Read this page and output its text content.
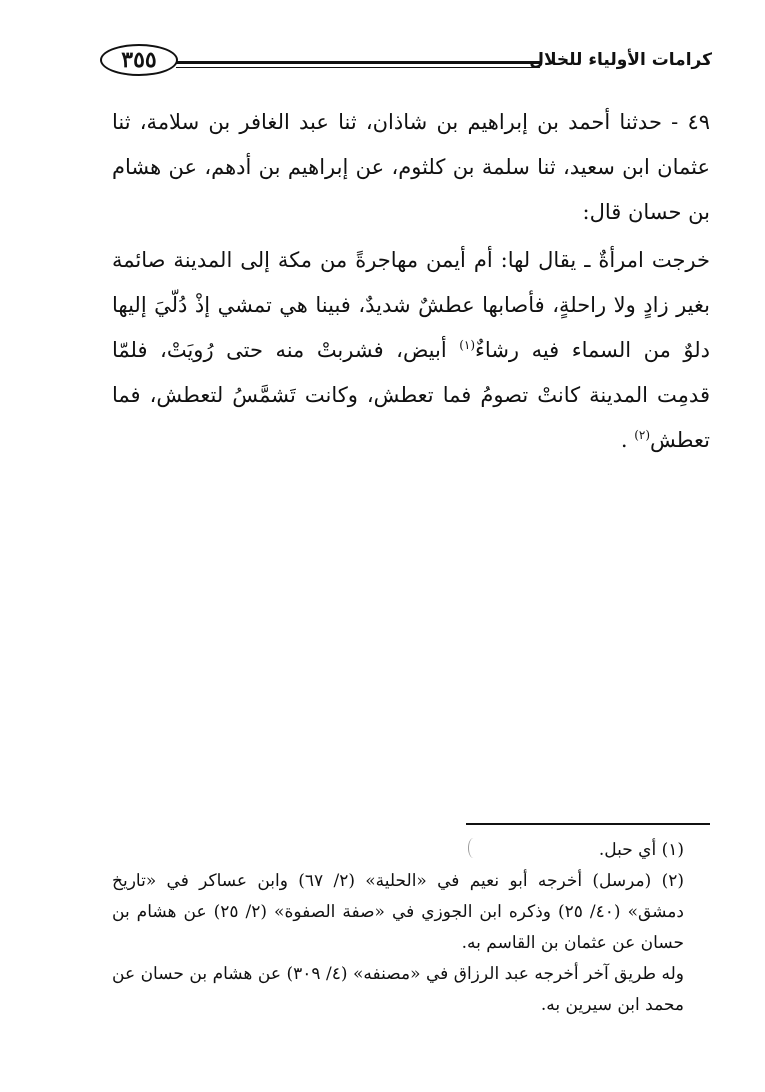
٣٥٥	كرامات الأولياء للخلال

٤٩ - حدثنا أحمد بن إبراهيم بن شاذان، ثنا عبد الغافر بن سلامة، ثنا عثمان ابن سعيد، ثنا سلمة بن كلثوم، عن إبراهيم بن أدهم، عن هشام بن حسان قال:

خرجت امرأةٌ ـ يقال لها: أم أيمن مهاجرةً من مكة إلى المدينة صائمة بغير زادٍ ولا راحلةٍ، فأصابها عطشٌ شديدٌ، فبينا هي تمشي إذْ دُلّيَ إليها دلوٌ من السماء فيه رشاءٌ$^{(١)}$ أبيض، فشربتْ منه حتى رُويَتْ، فلمّا قدمِت المدينة كانتْ تصومُ فما تعطش، وكانت تَشمَّسُ لتعطش، فما تعطش$^{(٢)}$ .

(١) أي حبل.

(٢) (مرسل) أخرجه أبو نعيم في «الحلية» (٢/ ٦٧) وابن عساكر في «تاريخ دمشق» (٤٠/ ٢٥) وذكره ابن الجوزي في «صفة الصفوة» (٢/ ٢٥) عن هشام بن حسان عن عثمان بن القاسم به.

وله طريق آخر أخرجه عبد الرزاق في «مصنفه» (٤/ ٣٠٩) عن هشام بن حسان عن محمد ابن سيرين به.
